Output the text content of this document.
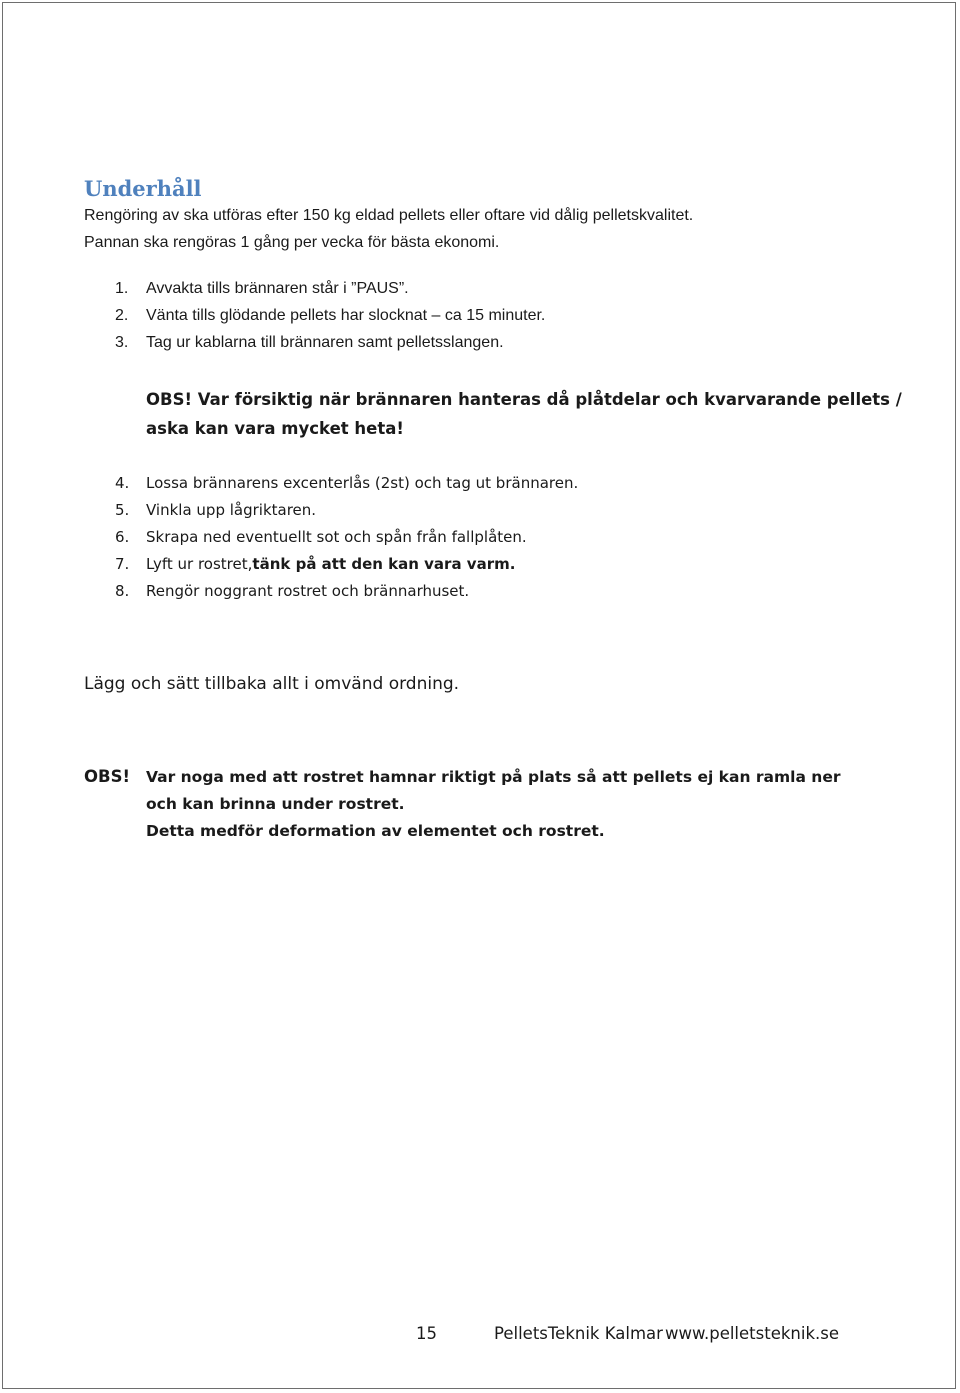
Underhåll
Rengöring av ska utföras efter 150 kg eldad pellets eller oftare vid dålig pelletskvalitet.
Pannan ska rengöras 1 gång per vecka för bästa ekonomi.
1. Avvakta tills brännaren står i ”PAUS”.
2. Vänta tills glödande pellets har slocknat – ca 15 minuter.
3. Tag ur kablarna till brännaren samt pelletsslangen.
OBS! Var försiktig när brännaren hanteras då plåtdelar och kvarvarande pellets /
aska kan vara mycket heta!
4. Lossa brännarens excenterlås (2st) och tag ut brännaren.
5. Vinkla upp lågriktaren.
6. Skrapa ned eventuellt sot och spån från fallplåten.
7. Lyft ur rostret,tänk på att den kan vara varm.
8. Rengör noggrant rostret och brännarhuset.
Lägg och sätt tillbaka allt i omvänd ordning.
OBS! Var noga med att rostret hamnar riktigt på plats så att pellets ej kan ramla ner
och kan brinna under rostret.
Detta medför deformation av elementet och rostret.
15	PelletsTeknik Kalmar www.pelletsteknik.se
